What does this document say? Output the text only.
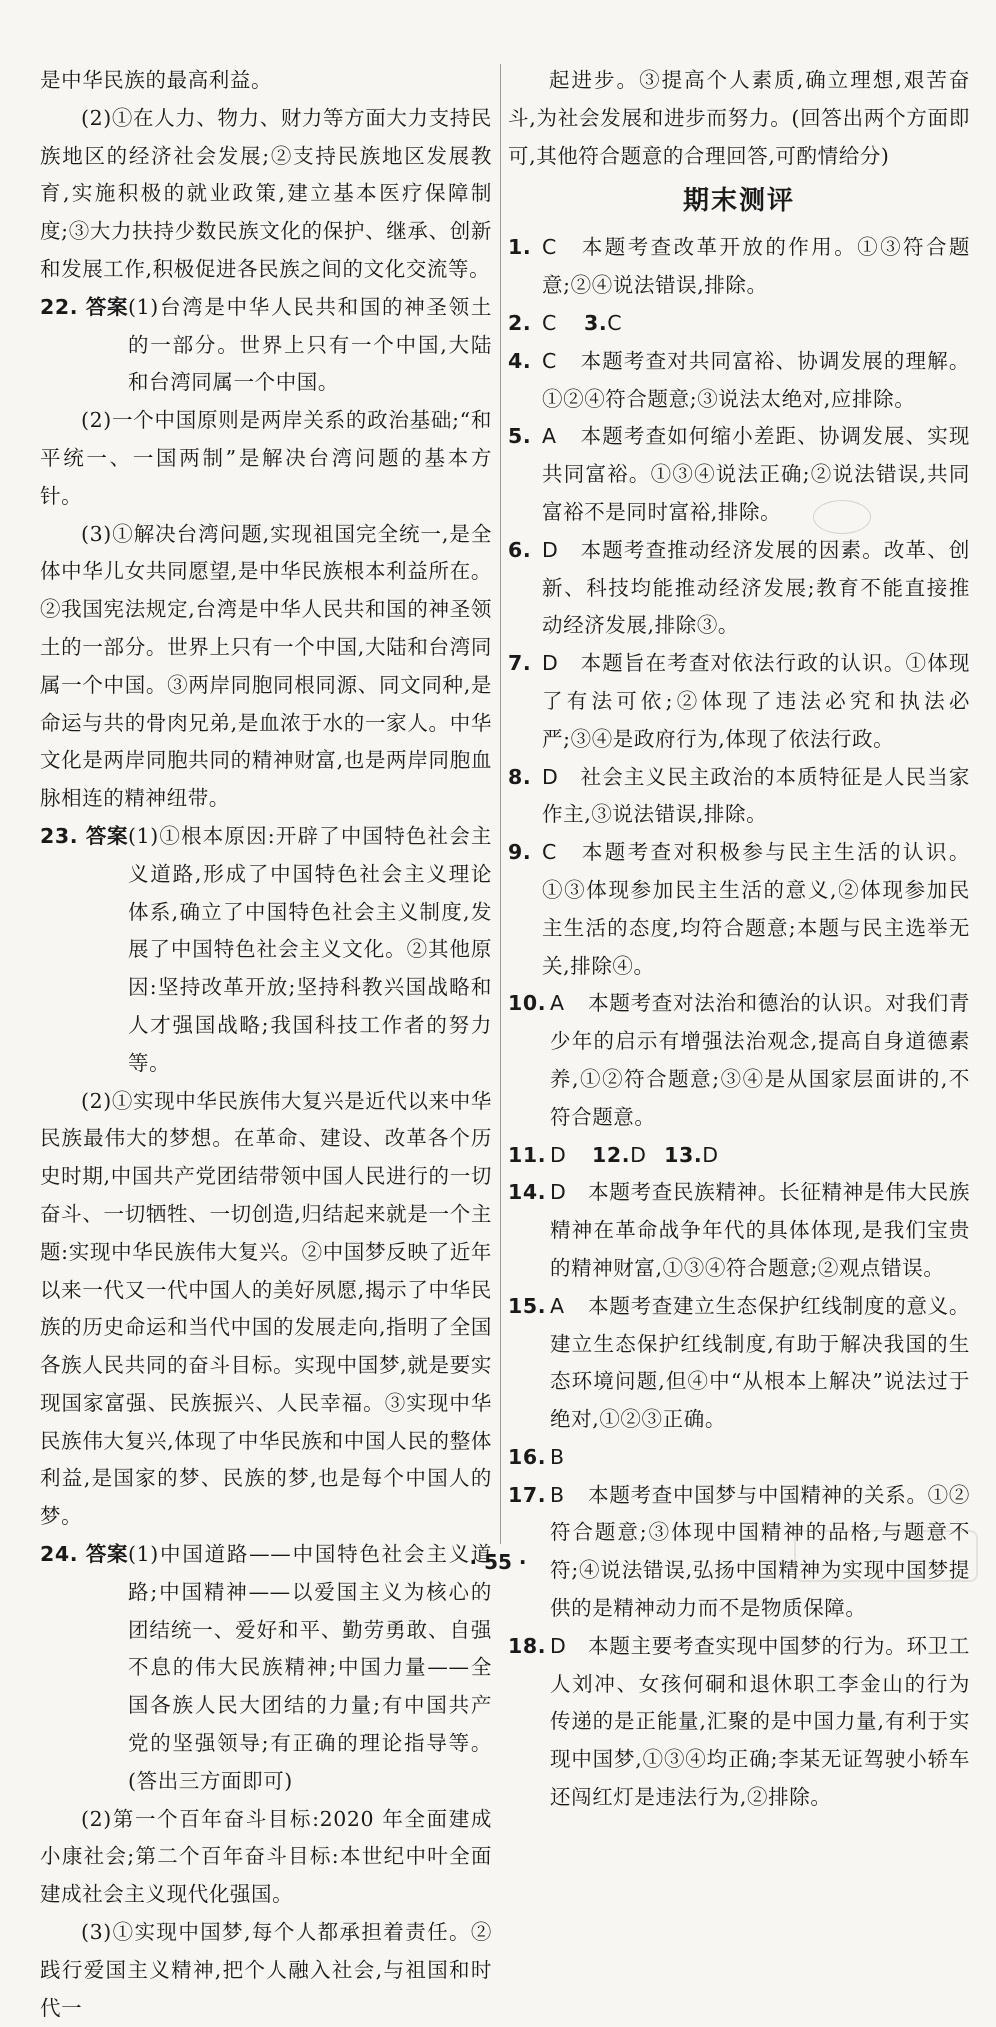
是中华民族的最高利益。

(2)①在人力、物力、财力等方面大力支持民族地区的经济社会发展;②支持民族地区发展教育,实施积极的就业政策,建立基本医疗保障制度;③大力扶持少数民族文化的保护、继承、创新和发展工作,积极促进各民族之间的文化交流等。

22. 答案 (1)台湾是中华人民共和国的神圣领土的一部分。世界上只有一个中国,大陆和台湾同属一个中国。

(2)一个中国原则是两岸关系的政治基础;“和平统一、一国两制”是解决台湾问题的基本方针。

(3)①解决台湾问题,实现祖国完全统一,是全体中华儿女共同愿望,是中华民族根本利益所在。②我国宪法规定,台湾是中华人民共和国的神圣领土的一部分。世界上只有一个中国,大陆和台湾同属一个中国。③两岸同胞同根同源、同文同种,是命运与共的骨肉兄弟,是血浓于水的一家人。中华文化是两岸同胞共同的精神财富,也是两岸同胞血脉相连的精神纽带。

23. 答案 (1)①根本原因:开辟了中国特色社会主义道路,形成了中国特色社会主义理论体系,确立了中国特色社会主义制度,发展了中国特色社会主义文化。②其他原因:坚持改革开放;坚持科教兴国战略和人才强国战略;我国科技工作者的努力等。

(2)①实现中华民族伟大复兴是近代以来中华民族最伟大的梦想。在革命、建设、改革各个历史时期,中国共产党团结带领中国人民进行的一切奋斗、一切牺牲、一切创造,归结起来就是一个主题:实现中华民族伟大复兴。②中国梦反映了近年以来一代又一代中国人的美好夙愿,揭示了中华民族的历史命运和当代中国的发展走向,指明了全国各族人民共同的奋斗目标。实现中国梦,就是要实现国家富强、民族振兴、人民幸福。③实现中华民族伟大复兴,体现了中华民族和中国人民的整体利益,是国家的梦、民族的梦,也是每个中国人的梦。

24. 答案 (1)中国道路——中国特色社会主义道路;中国精神——以爱国主义为核心的团结统一、爱好和平、勤劳勇敢、自强不息的伟大民族精神;中国力量——全国各族人民大团结的力量;有中国共产党的坚强领导;有正确的理论指导等。(答出三方面即可)

(2)第一个百年奋斗目标:2020 年全面建成小康社会;第二个百年奋斗目标:本世纪中叶全面建成社会主义现代化强国。

(3)①实现中国梦,每个人都承担着责任。②践行爱国主义精神,把个人融入社会,与祖国和时代一

起进步。③提高个人素质,确立理想,艰苦奋斗,为社会发展和进步而努力。(回答出两个方面即可,其他符合题意的合理回答,可酌情给分)

期末测评
1. C 本题考查改革开放的作用。①③符合题意;②④说法错误,排除。
2. C 3.C
4. C 本题考查对共同富裕、协调发展的理解。①②④符合题意;③说法太绝对,应排除。
5. A 本题考查如何缩小差距、协调发展、实现共同富裕。①③④说法正确;②说法错误,共同富裕不是同时富裕,排除。
6. D 本题考查推动经济发展的因素。改革、创新、科技均能推动经济发展;教育不能直接推动经济发展,排除③。
7. D 本题旨在考查对依法行政的认识。①体现了有法可依;②体现了违法必究和执法必严;③④是政府行为,体现了依法行政。
8. D 社会主义民主政治的本质特征是人民当家作主,③说法错误,排除。
9. C 本题考查对积极参与民主生活的认识。①③体现参加民主生活的意义,②体现参加民主生活的态度,均符合题意;本题与民主选举无关,排除④。
10. A 本题考查对法治和德治的认识。对我们青少年的启示有增强法治观念,提高自身道德素养,①②符合题意;③④是从国家层面讲的,不符合题意。
11. D 12.D 13.D
14. D 本题考查民族精神。长征精神是伟大民族精神在革命战争年代的具体体现,是我们宝贵的精神财富,①③④符合题意;②观点错误。
15. A 本题考查建立生态保护红线制度的意义。建立生态保护红线制度,有助于解决我国的生态环境问题,但④中“从根本上解决”说法过于绝对,①②③正确。
16. B
17. B 本题考查中国梦与中国精神的关系。①②符合题意;③体现中国精神的品格,与题意不符;④说法错误,弘扬中国精神为实现中国梦提供的是精神动力而不是物质保障。
18. D 本题主要考查实现中国梦的行为。环卫工人刘冲、女孩何硐和退休职工李金山的行为传递的是正能量,汇聚的是中国力量,有利于实现中国梦,①③④均正确;李某无证驾驶小轿车还闯红灯是违法行为,②排除。
· 55 ·
